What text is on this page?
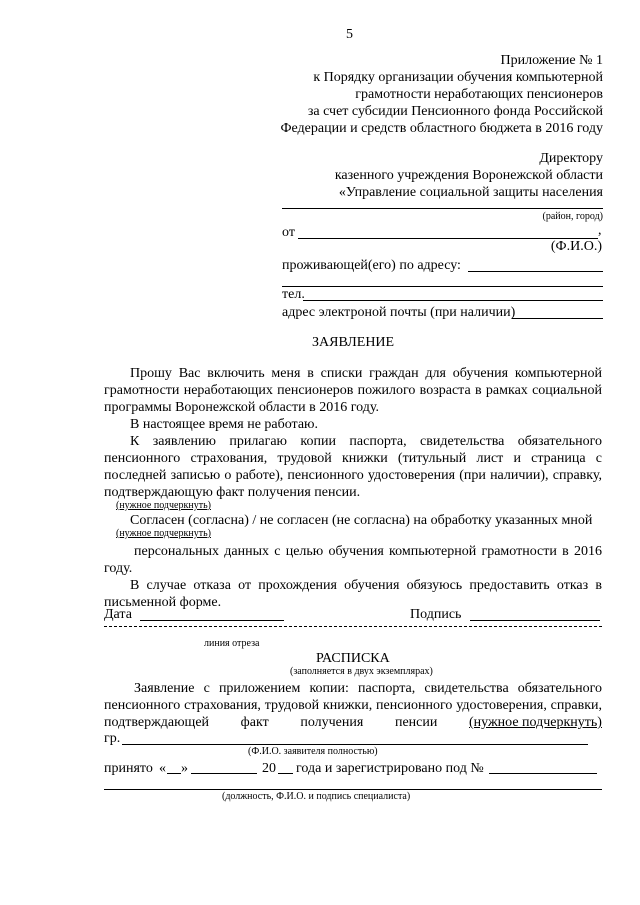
5
Приложение № 1
к Порядку организации обучения компьютерной
грамотности неработающих пенсионеров
за счет субсидии Пенсионного фонда Российской
Федерации и средств областного бюджета в 2016 году
Директору
казенного учреждения Воронежской области
«Управление социальной защиты населения
(район, город)
от	,
(Ф.И.О.)
проживающей(его) по адресу:
тел.
адрес электроной почты (при наличии)
ЗАЯВЛЕНИЕ
Прошу Вас включить меня в списки граждан для обучения компьютерной
грамотности неработающих пенсионеров пожилого возраста в рамках социальной
программы Воронежской области в 2016 году.
В настоящее время не работаю.
К заявлению прилагаю копии паспорта, свидетельства обязательного
пенсионного страхования, трудовой книжки (титульный лист и страница с
последней записью о работе), пенсионного удостоверения (при наличии), справку,
подтверждающую факт получения пенсии.
(нужное подчеркнуть)
Согласен (согласна) / не согласен (не согласна) на обработку указанных мной
(нужное подчеркнуть)
персональных данных с целью обучения компьютерной грамотности в 2016
году.
В случае отказа от прохождения обучения обязуюсь предоставить отказ в
письменной форме.
Дата	Подпись
линия отреза
РАСПИСКА
(заполняется в двух экземплярах)
Заявление с приложением копии: паспорта, свидетельства обязательного
пенсионного страхования, трудовой книжки, пенсионного удостоверения, справки,
подтверждающей факт получения пенсии (нужное подчеркнуть)
гр.
(Ф.И.О. заявителя полностью)
принято « »	20 года и зарегистрировано под №
(должность, Ф.И.О. и подпись специалиста)
